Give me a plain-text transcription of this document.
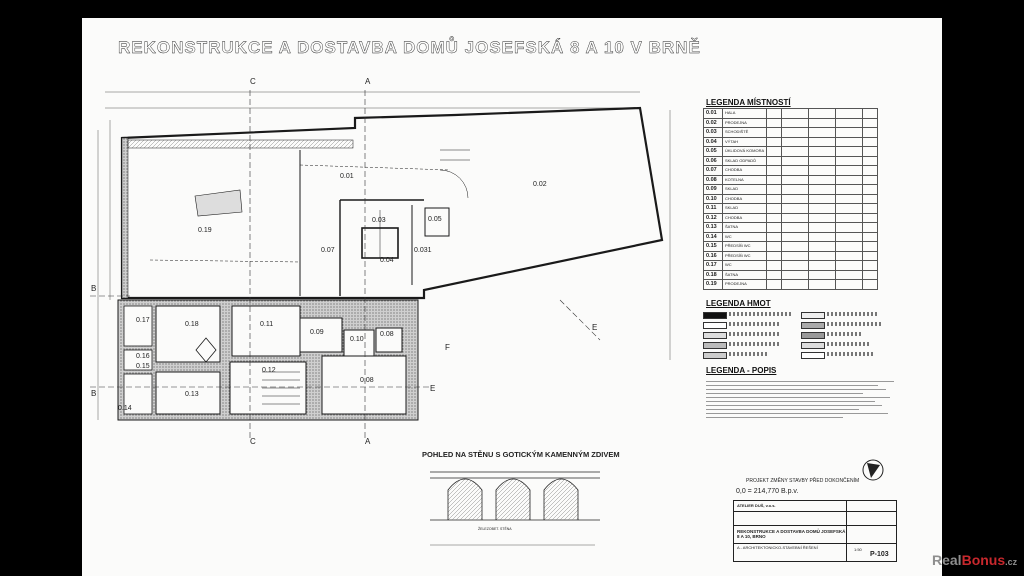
REKONSTRUKCE A DOSTAVBA DOMŮ JOSEFSKÁ 8 A 10 V BRNĚ
0.19
0.01
0.02
0.07
0.03
0.04
0.05
0.031
0.18	0.11
0.09
0.10
0.08
0.17
0.16
0.15
0.14
0.13
0.12
0.08
C
C
B
B
A
A
E
E
F
POHLED NA STĚNU S GOTICKÝM KAMENNÝM ZDIVEM
ŽELEZOBET. STĚNA
LEGENDA MÍSTNOSTÍ
0.01	HALA					
0.02	PRODEJNA					
0.03	SCHODIŠTĚ					
0.04	VÝTAH					
0.05	ÚKLIDOVÁ KOMORA					
0.06	SKLAD ODPADŮ					
0.07	CHODBA					
0.08	KOTELNA					
0.09	SKLAD					
0.10	CHODBA					
0.11	SKLAD					
0.12	CHODBA					
0.13	ŠATNA					
0.14	WC					
0.15	PŘEDSÍŇ WC					
0.16	PŘEDSÍŇ WC					
0.17	WC					
0.18	ŠATNA					
0.19	PRODEJNA					
LEGENDA HMOT
LEGENDA - POPIS
PROJEKT ZMĚNY STAVBY PŘED DOKONČENÍM
0,0 = 214,770 B.p.v.
ATELIER DUŠ, v.o.s.
REKONSTRUKCE A DOSTAVBA DOMŮ JOSEFSKÁ 8 A 10, BRNO
A - ARCHITEKTONICKO-STAVEBNÍ ŘEŠENÍ	1:50
P-103	RealBonus.cz
